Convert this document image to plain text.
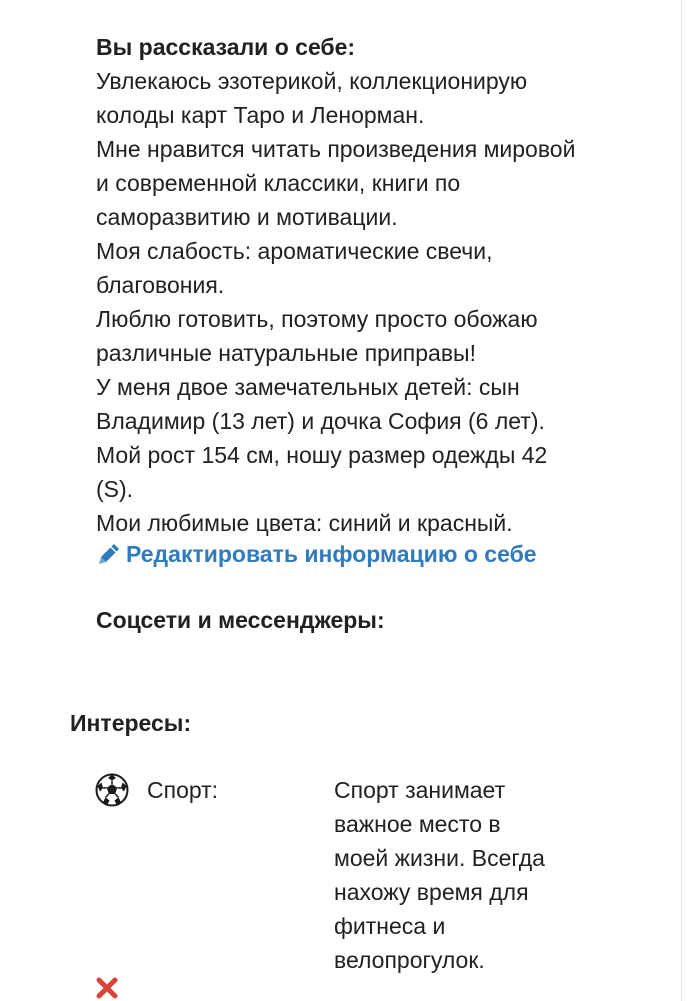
Вы рассказали о себе:
Увлекаюсь эзотерикой, коллекционирую
колоды карт Таро и Ленорман.
Мне нравится читать произведения мировой
и современной классики, книги по
саморазвитию и мотивации.
Моя слабость: ароматические свечи,
благовония.
Люблю готовить, поэтому просто обожаю
различные натуральные приправы!
У меня двое замечательных детей: сын
Владимир (13 лет) и дочка София (6 лет).
Мой рост 154 см, ношу размер одежды 42
(S).
Мои любимые цвета: синий и красный.
Редактировать информацию о себе
Соцсети и мессенджеры:
Интересы:
Спорт:	Спорт занимает
важное место в
моей жизни. Всегда
нахожу время для
фитнеса и
велопрогулок.
